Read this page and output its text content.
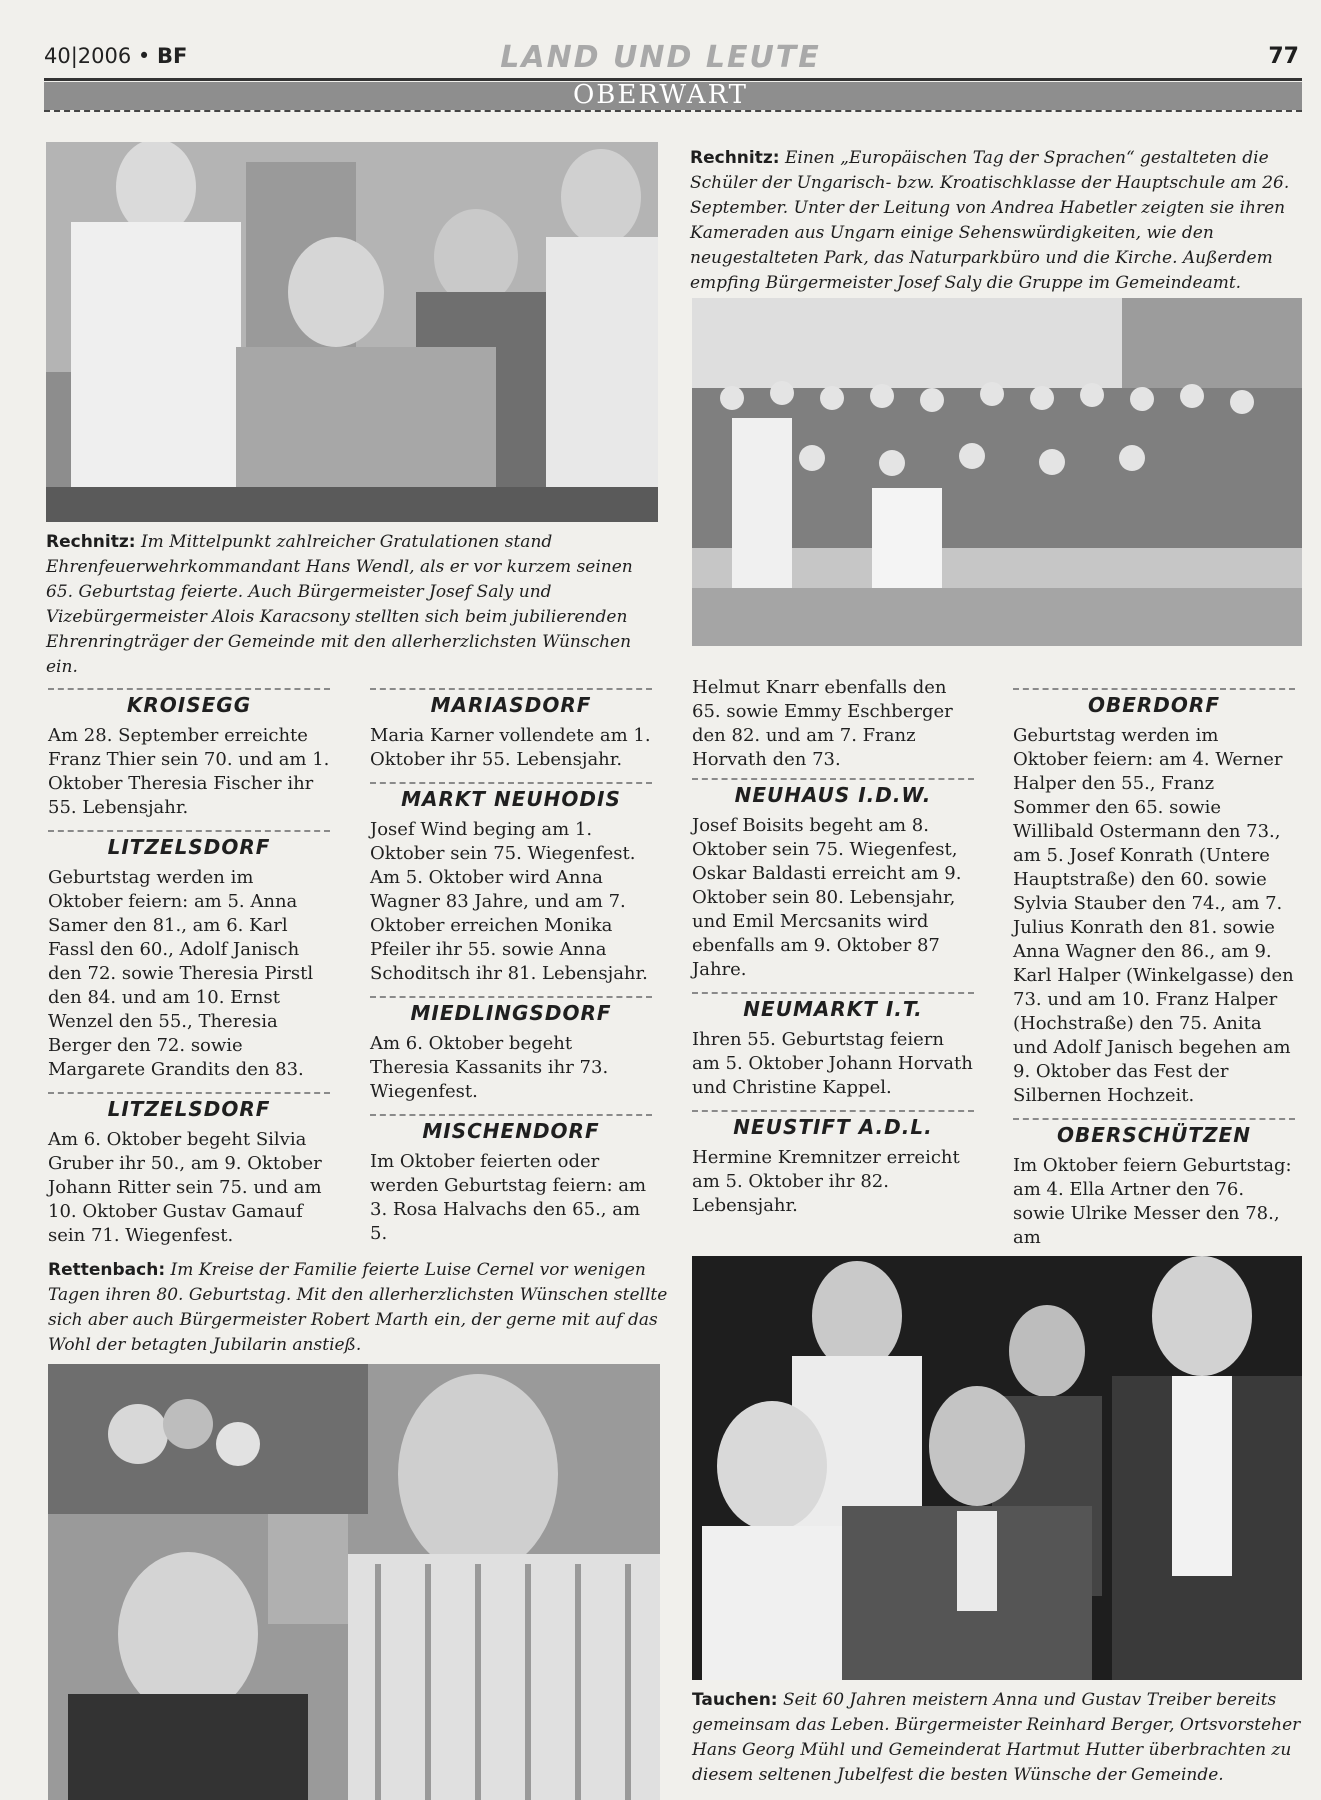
40|2006 • BF	LAND UND LEUTE	77
OBERWART
Rechnitz: Einen „Europäischen Tag der Sprachen“ gestalteten die Schüler der Ungarisch- bzw. Kroatischklasse der Hauptschule am 26. September. Unter der Leitung von Andrea Habetler zeigten sie ihren Kameraden aus Ungarn einige Sehenswürdigkeiten, wie den neugestalteten Park, das Naturparkbüro und die Kirche. Außerdem empfing Bürgermeister Josef Saly die Gruppe im Gemeindeamt.
Rechnitz: Im Mittelpunkt zahlreicher Gratulationen stand Ehrenfeuerwehrkommandant Hans Wendl, als er vor kurzem seinen 65. Geburtstag feierte. Auch Bürgermeister Josef Saly und Vizebürgermeister Alois Karacsony stellten sich beim jubilierenden Ehrenringträger der Gemeinde mit den allerherzlichsten Wünschen ein.
KROISEGG

Am 28. September erreichte Franz Thier sein 70. und am 1. Oktober Theresia Fischer ihr 55. Lebensjahr.

LITZELSDORF

Geburtstag werden im Oktober feiern: am 5. Anna Samer den 81., am 6. Karl Fassl den 60., Adolf Janisch den 72. sowie Theresia Pirstl den 84. und am 10. Ernst Wenzel den 55., Theresia Berger den 72. sowie Margarete Grandits den 83.

LITZELSDORF

Am 6. Oktober begeht Silvia Gruber ihr 50., am 9. Oktober Johann Ritter sein 75. und am 10. Oktober Gustav Gamauf sein 71. Wiegenfest.

MARIASDORF

Maria Karner vollendete am 1. Oktober ihr 55. Lebensjahr.

MARKT NEUHODIS

Josef Wind beging am 1. Oktober sein 75. Wiegenfest. Am 5. Oktober wird Anna Wagner 83 Jahre, und am 7. Oktober erreichen Monika Pfeiler ihr 55. sowie Anna Schoditsch ihr 81. Lebensjahr.

MIEDLINGSDORF

Am 6. Oktober begeht Theresia Kassanits ihr 73. Wiegenfest.

MISCHENDORF

Im Oktober feierten oder werden Geburtstag feiern: am 3. Rosa Halvachs den 65., am 5.

Helmut Knarr ebenfalls den 65. sowie Emmy Eschberger den 82. und am 7. Franz Horvath den 73.

NEUHAUS I.D.W.

Josef Boisits begeht am 8. Oktober sein 75. Wiegenfest, Oskar Baldasti erreicht am 9. Oktober sein 80. Lebensjahr, und Emil Mercsanits wird ebenfalls am 9. Oktober 87 Jahre.

NEUMARKT I.T.

Ihren 55. Geburtstag feiern am 5. Oktober Johann Horvath und Christine Kappel.

NEUSTIFT A.D.L.

Hermine Kremnitzer erreicht am 5. Oktober ihr 82. Lebensjahr.

OBERDORF

Geburtstag werden im Oktober feiern: am 4. Werner Halper den 55., Franz Sommer den 65. sowie Willibald Ostermann den 73., am 5. Josef Konrath (Untere Hauptstraße) den 60. sowie Sylvia Stauber den 74., am 7. Julius Konrath den 81. sowie Anna Wagner den 86., am 9. Karl Halper (Winkelgasse) den 73. und am 10. Franz Halper (Hochstraße) den 75. Anita und Adolf Janisch begehen am 9. Oktober das Fest der Silbernen Hochzeit.

OBERSCHÜTZEN

Im Oktober feiern Geburtstag: am 4. Ella Artner den 76. sowie Ulrike Messer den 78., am

Rettenbach: Im Kreise der Familie feierte Luise Cernel vor wenigen Tagen ihren 80. Geburtstag. Mit den allerherzlichsten Wünschen stellte sich aber auch Bürgermeister Robert Marth ein, der gerne mit auf das Wohl der betagten Jubilarin anstieß.
Tauchen: Seit 60 Jahren meistern Anna und Gustav Treiber bereits gemeinsam das Leben. Bürgermeister Reinhard Berger, Ortsvorsteher Hans Georg Mühl und Gemeinderat Hartmut Hutter überbrachten zu diesem seltenen Jubelfest die besten Wünsche der Gemeinde.
